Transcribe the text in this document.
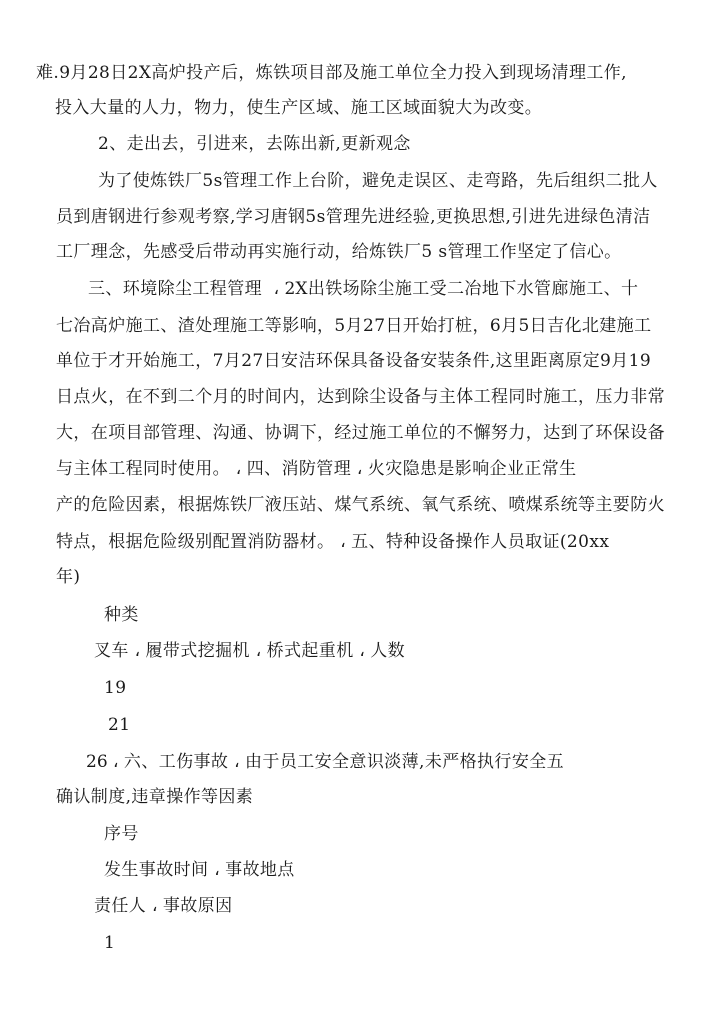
难.9月28日2X高炉投产后，炼铁项目部及施工单位全力投入到现场清理工作,
投入大量的人力，物力，使生产区域、施工区域面貌大为改变。
2、走出去，引进来，去陈出新,更新观念
为了使炼铁厂5s管理工作上台阶，避免走误区、走弯路，先后组织二批人
员到唐钢进行参观考察,学习唐钢5s管理先进经验,更换思想,引进先进绿色清洁
工厂理念，先感受后带动再实施行动，给炼铁厂5 s管理工作坚定了信心。
三、环境除尘工程管理  ، 2X出铁场除尘施工受二冶地下水管廊施工、十
七冶高炉施工、渣处理施工等影响，5月27日开始打桩，6月5日吉化北建施工
单位于才开始施工，7月27日安洁环保具备设备安装条件,这里距离原定9月19
日点火，在不到二个月的时间内，达到除尘设备与主体工程同时施工，压力非常
大，在项目部管理、沟通、协调下，经过施工单位的不懈努力，达到了环保设备
与主体工程同时使用。 ، 四、消防管理 ، 火灾隐患是影响企业正常生
产的危险因素，根据炼铁厂液压站、煤气系统、氧气系统、喷煤系统等主要防火
特点，根据危险级别配置消防器材。 ، 五、特种设备操作人员取证(20xx
年)
种类
叉车 ، 履带式挖掘机 ، 桥式起重机 ، 人数
19
21
26 ، 六、工伤事故 ، 由于员工安全意识淡薄,未严格执行安全五
确认制度,违章操作等因素
序号
发生事故时间 ، 事故地点
责任人 ، 事故原因
1
